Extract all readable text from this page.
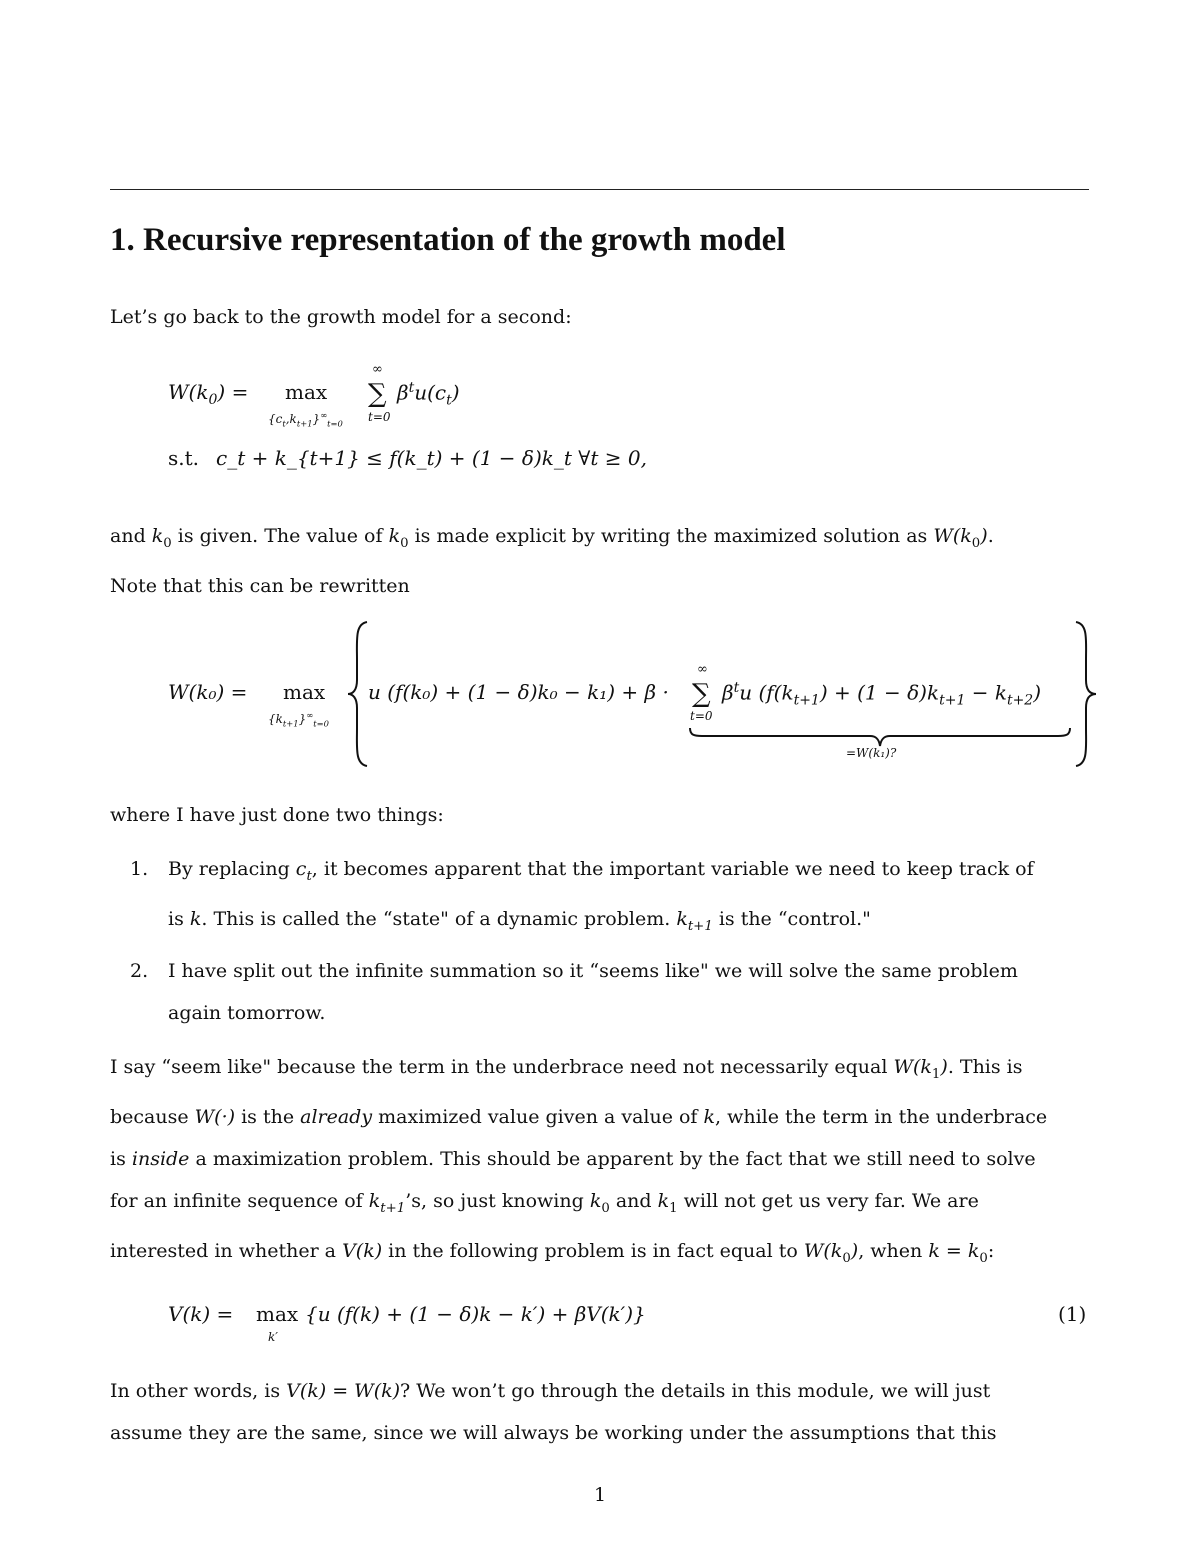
1. Recursive representation of the growth model

Let’s go back to the growth model for a second:

$W(k_0) = \max$
$\{c_t,k_{t+1}\}^\infty_{t=0}$
∞
∑
t=0
$\beta^tu(c_t)$
s.t. c_t + k_{t+1} ≤ f(k_t) + (1 − δ)k_t ∀t ≥ 0,

and $k_0$ is given. The value of $k_0$ is made explicit by writing the maximized solution as $W(k_0)$.
Note that this can be rewritten

W(k₀) = max
$\{k_{t+1}\}^\infty_{t=0}$
u (f(k₀) + (1 − δ)k₀ − k₁) + β ·
∞
∑
t=0
$\beta^tu$ $(f(k_{t+1}) + (1 - \delta)k_{t+1} - k_{t+2})$
=W(k₁)?

where I have just done two things:

1. By replacing $c_t$, it becomes apparent that the important variable we need to keep track of
is k. This is called the “state" of a dynamic problem. $k_{t+1}$ is the “control."
2. I have split out the infinite summation so it “seems like" we will solve the same problem
again tomorrow.

I say “seem like" because the term in the underbrace need not necessarily equal $W(k_1)$. This is
because W(·) is the already maximized value given a value of k, while the term in the underbrace
is inside a maximization problem. This should be apparent by the fact that we still need to solve
for an infinite sequence of $k_{t+1}’s$, so just knowing $k_0$ and $k_1$ will not get us very far. We are
interested in whether a V(k) in the following problem is in fact equal to $W(k_0)$, when $k = k_0$:

V(k) = max
k′
{u (f(k) + (1 − δ)k − k′) + βV(k′)}	(1)

In other words, is V(k) = W(k)? We won’t go through the details in this module, we will just
assume they are the same, since we will always be working under the assumptions that this

1
